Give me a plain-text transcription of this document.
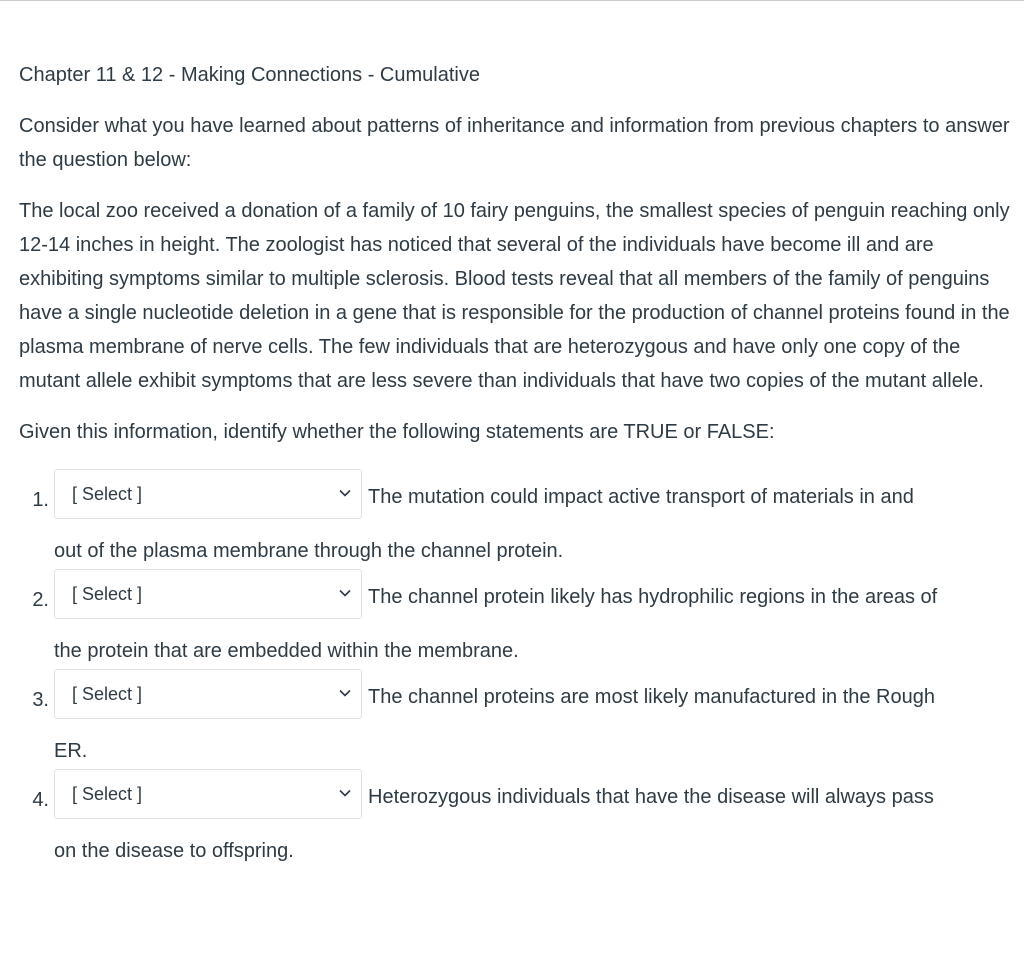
Chapter 11 & 12 - Making Connections - Cumulative

Consider what you have learned about patterns of inheritance and information from previous chapters to answer the question below:

The local zoo received a donation of a family of 10 fairy penguins, the smallest species of penguin reaching only 12-14 inches in height. The zoologist has noticed that several of the individuals have become ill and are exhibiting symptoms similar to multiple sclerosis. Blood tests reveal that all members of the family of penguins have a single nucleotide deletion in a gene that is responsible for the production of channel proteins found in the plasma membrane of nerve cells. The few individuals that are heterozygous and have only one copy of the mutant allele exhibit symptoms that are less severe than individuals that have two copies of the mutant allele.

Given this information, identify whether the following statements are TRUE or FALSE:

1. [ Select ]	The mutation could impact active transport of materials in and
out of the plasma membrane through the channel protein.
2. [ Select ]	The channel protein likely has hydrophilic regions in the areas of
the protein that are embedded within the membrane.
3. [ Select ]	The channel proteins are most likely manufactured in the Rough
ER.
4. [ Select ]	Heterozygous individuals that have the disease will always pass
on the disease to offspring.
